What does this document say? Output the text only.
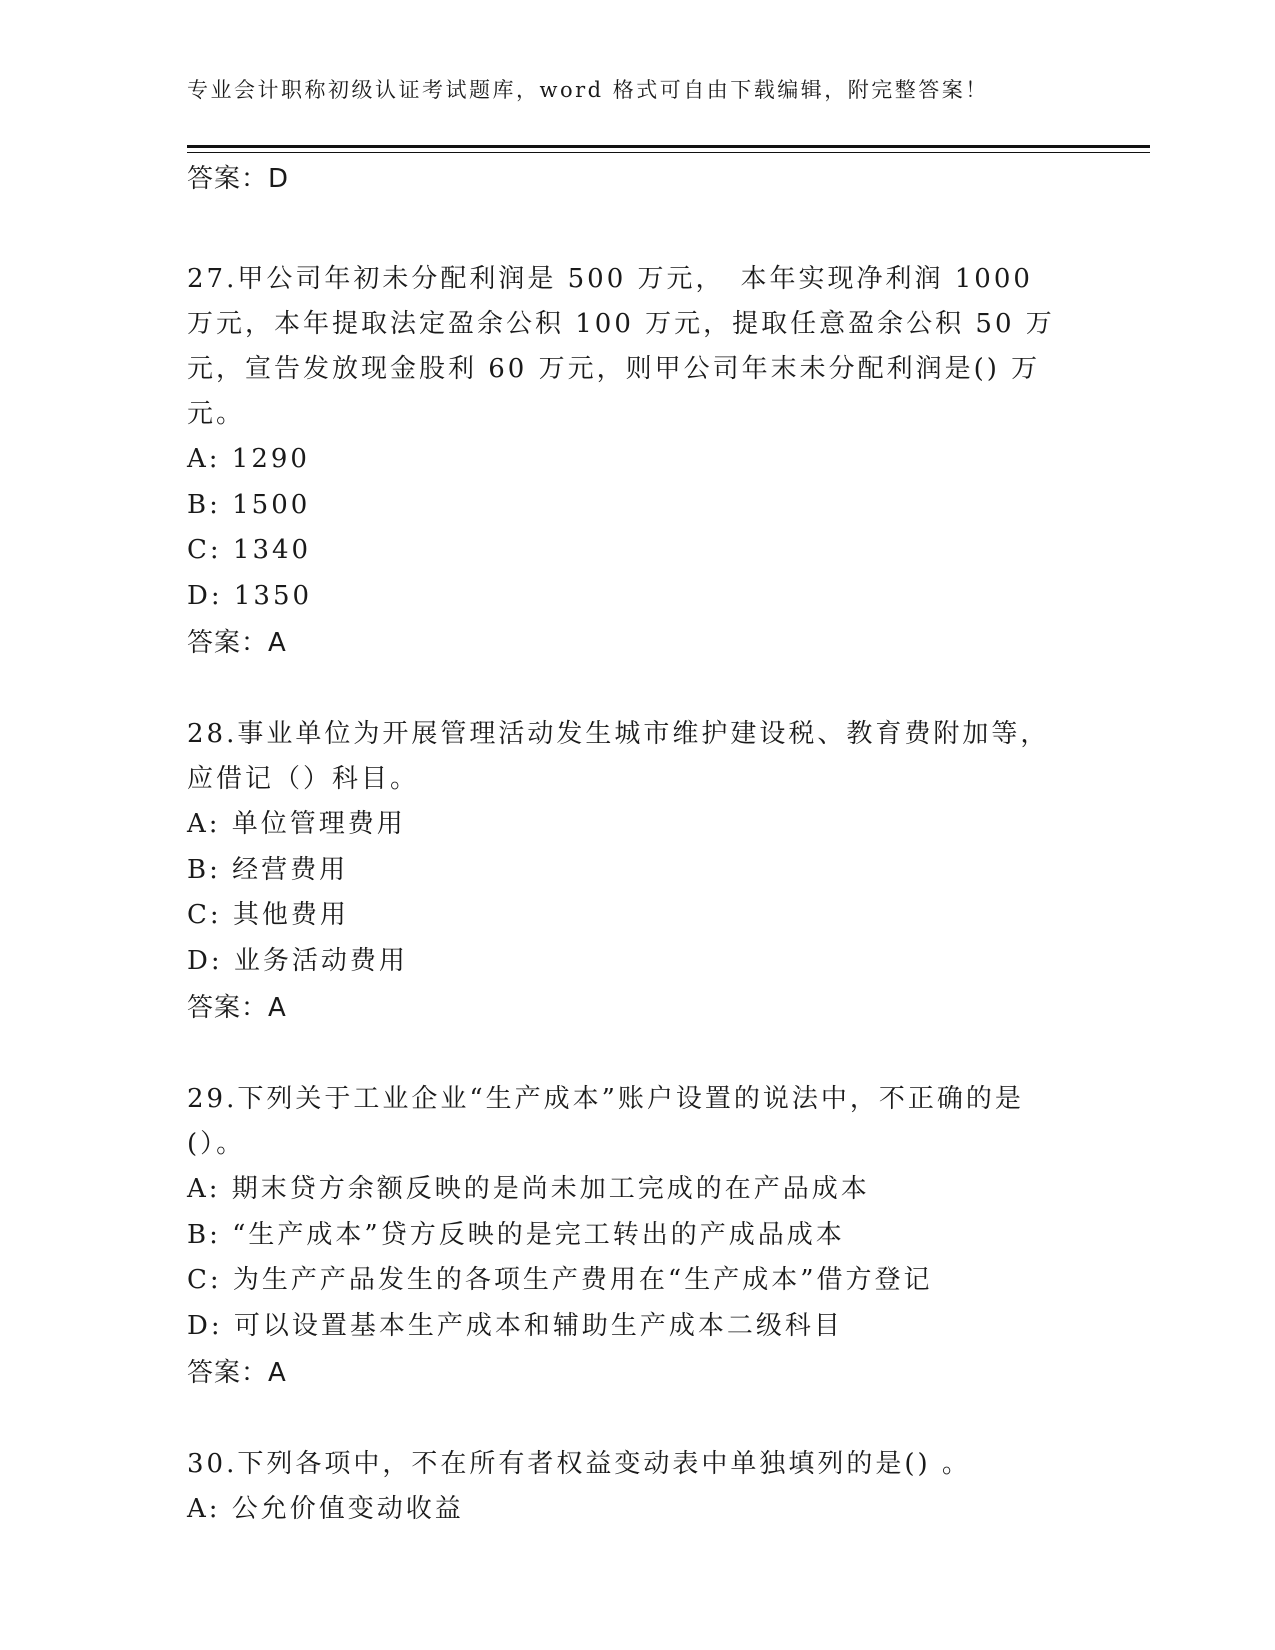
专业会计职称初级认证考试题库，word 格式可自由下载编辑，附完整答案！
答案：D
27.甲公司年初未分配利润是 500 万元，　本年实现净利润 1000 万元，本年提取法定盈余公积 100 万元，提取任意盈余公积 50 万元，宣告发放现金股利 60 万元，则甲公司年末未分配利润是() 万元。
A: 1290
B: 1500
C: 1340
D: 1350
答案：A
28.事业单位为开展管理活动发生城市维护建设税、教育费附加等，应借记（）科目。
A: 单位管理费用
B: 经营费用
C: 其他费用
D: 业务活动费用
答案：A
29.下列关于工业企业“生产成本”账户设置的说法中，不正确的是(）。
A: 期末贷方余额反映的是尚未加工完成的在产品成本
B: “生产成本”贷方反映的是完工转出的产成品成本
C: 为生产产品发生的各项生产费用在“生产成本”借方登记
D: 可以设置基本生产成本和辅助生产成本二级科目
答案：A
30.下列各项中，不在所有者权益变动表中单独填列的是() 。
A: 公允价值变动收益
